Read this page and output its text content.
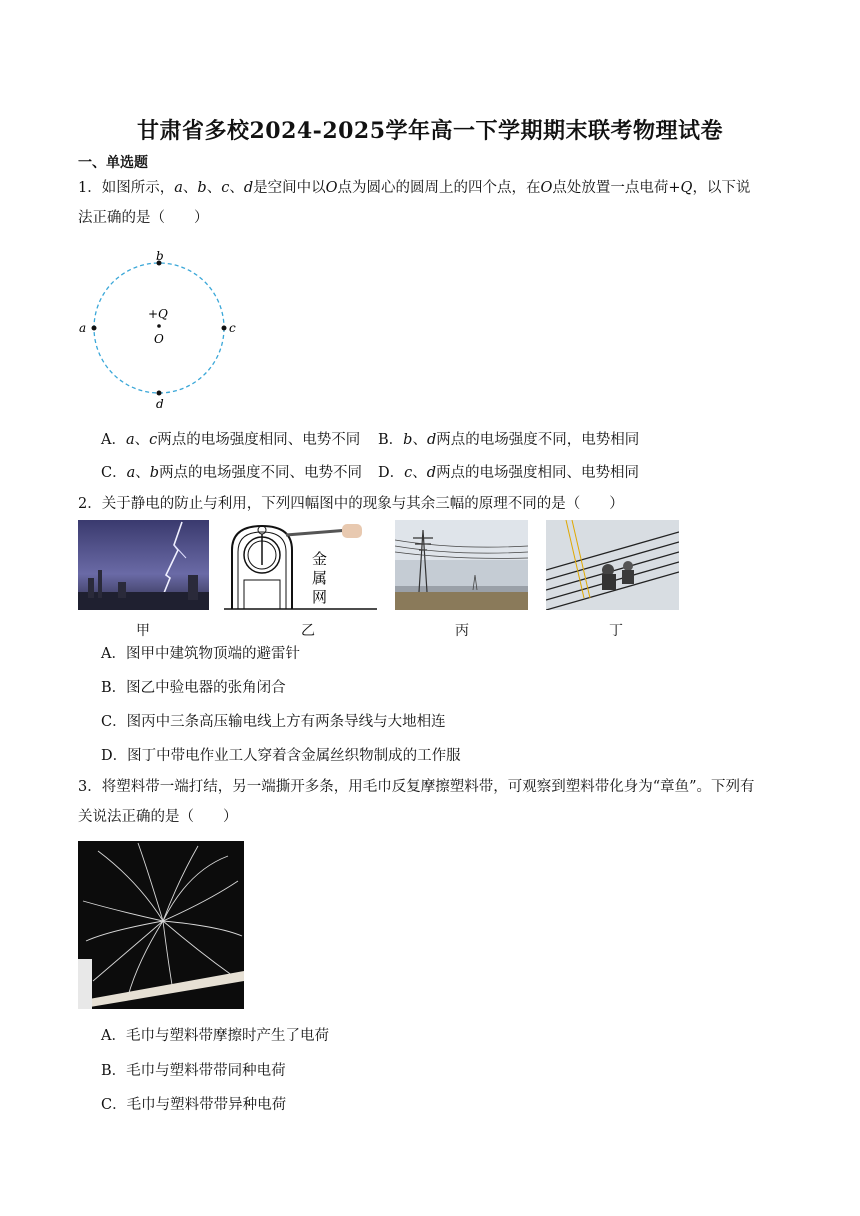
甘肃省多校2024-2025学年高一下学期期末联考物理试卷
一、单选题
1．如图所示，a、b、c、d是空间中以O点为圆心的圆周上的四个点，在O点处放置一点电荷+Q，以下说
法正确的是（　　）
b
a	c
d
+Q
O
A．a、c两点的电场强度相同、电势不同 B．b、d两点的电场强度不同，电势相同
C．a、b两点的电场强度不同、电势不同 D．c、d两点的电场强度相同、电势相同
2．关于静电的防止与利用，下列四幅图中的现象与其余三幅的原理不同的是（　　）
金
属
网
甲	乙	丙	丁
A．图甲中建筑物顶端的避雷针
B．图乙中验电器的张角闭合
C．图丙中三条高压输电线上方有两条导线与大地相连
D．图丁中带电作业工人穿着含金属丝织物制成的工作服
3．将塑料带一端打结，另一端撕开多条，用毛巾反复摩擦塑料带，可观察到塑料带化身为“章鱼”。下列有
关说法正确的是（　　）
A．毛巾与塑料带摩擦时产生了电荷
B．毛巾与塑料带带同种电荷
C．毛巾与塑料带带异种电荷
